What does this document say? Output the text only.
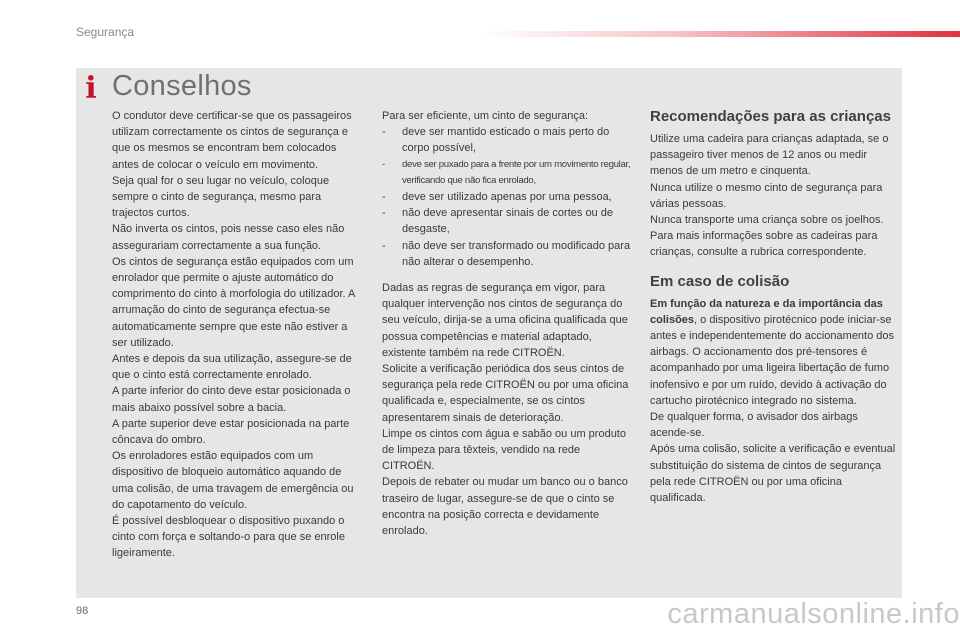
Segurança
i Conselhos

O condutor deve certificar-se que os passageiros utilizam correctamente os cintos de segurança e que os mesmos se encontram bem colocados antes de colocar o veículo em movimento.

Seja qual for o seu lugar no veículo, coloque sempre o cinto de segurança, mesmo para trajectos curtos.

Não inverta os cintos, pois nesse caso eles não assegurariam correctamente a sua função.

Os cintos de segurança estão equipados com um enrolador que permite o ajuste automático do comprimento do cinto à morfologia do utilizador. A arrumação do cinto de segurança efectua-se automaticamente sempre que este não estiver a ser utilizado.

Antes e depois da sua utilização, assegure-se de que o cinto está correctamente enrolado.

A parte inferior do cinto deve estar posicionada o mais abaixo possível sobre a bacia.

A parte superior deve estar posicionada na parte côncava do ombro.

Os enroladores estão equipados com um dispositivo de bloqueio automático aquando de uma colisão, de uma travagem de emergência ou do capotamento do veículo.

É possível desbloquear o dispositivo puxando o cinto com força e soltando-o para que se enrole ligeiramente.

Para ser eficiente, um cinto de segurança:

- deve ser mantido esticado o mais perto do corpo possível,
- deve ser puxado para a frente por um movimento regular, verificando que não fica enrolado,
- deve ser utilizado apenas por uma pessoa,
- não deve apresentar sinais de cortes ou de desgaste,
- não deve ser transformado ou modificado para não alterar o desempenho.

Dadas as regras de segurança em vigor, para qualquer intervenção nos cintos de segurança do seu veículo, dirija-se a uma oficina qualificada que possua competências e material adaptado, existente também na rede CITROËN.

Solicite a verificação periódica dos seus cintos de segurança pela rede CITROËN ou por uma oficina qualificada e, especialmente, se os cintos apresentarem sinais de deterioração.

Limpe os cintos com água e sabão ou um produto de limpeza para têxteis, vendido na rede CITROËN.

Depois de rebater ou mudar um banco ou o banco traseiro de lugar, assegure-se de que o cinto se encontra na posição correcta e devidamente enrolado.

Recomendações para as crianças

Utilize uma cadeira para crianças adaptada, se o passageiro tiver menos de 12 anos ou medir menos de um metro e cinquenta.

Nunca utilize o mesmo cinto de segurança para várias pessoas.

Nunca transporte uma criança sobre os joelhos.

Para mais informações sobre as cadeiras para crianças, consulte a rubrica correspondente.

Em caso de colisão

Em função da natureza e da importância das colisões, o dispositivo pirotécnico pode iniciar-se antes e independentemente do accionamento dos airbags. O accionamento dos pré-tensores é acompanhado por uma ligeira libertação de fumo inofensivo e por um ruído, devido à activação do cartucho pirotécnico integrado no sistema.

De qualquer forma, o avisador dos airbags acende-se.

Após uma colisão, solicite a verificação e eventual substituição do sistema de cintos de segurança pela rede CITROËN ou por uma oficina qualificada.

98	carmanualsonline.info
